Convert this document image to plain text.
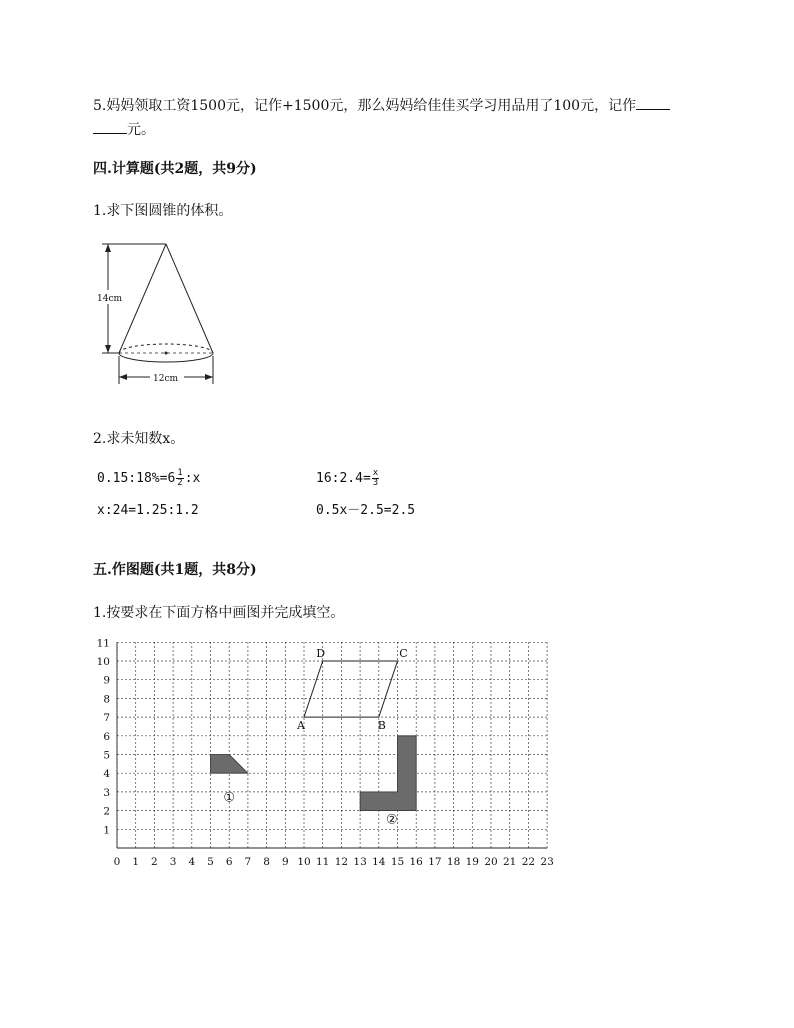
5.妈妈领取工资1500元，记作+1500元，那么妈妈给佳佳买学习用品用了100元，记作
元。
四.计算题(共2题，共9分)
1.求下图圆锥的体积。
14cm
12cm
2.求未知数x。
0.15:18%=6 $\frac{1}{2}$ :x	16:2.4= $\frac{x}{3}$
x:24=1.25:1.2	0.5x－2.5=2.5
五.作图题(共1题，共8分)
1.按要求在下面方格中画图并完成填空。
0 1 2 3 4 5 6 7 8 9 10 11 12 13 14 15 16 17 18 19 20 21 22 23
1
2
3
4
5
6
7
8
9
10
11
①
②
A	B
C
D
